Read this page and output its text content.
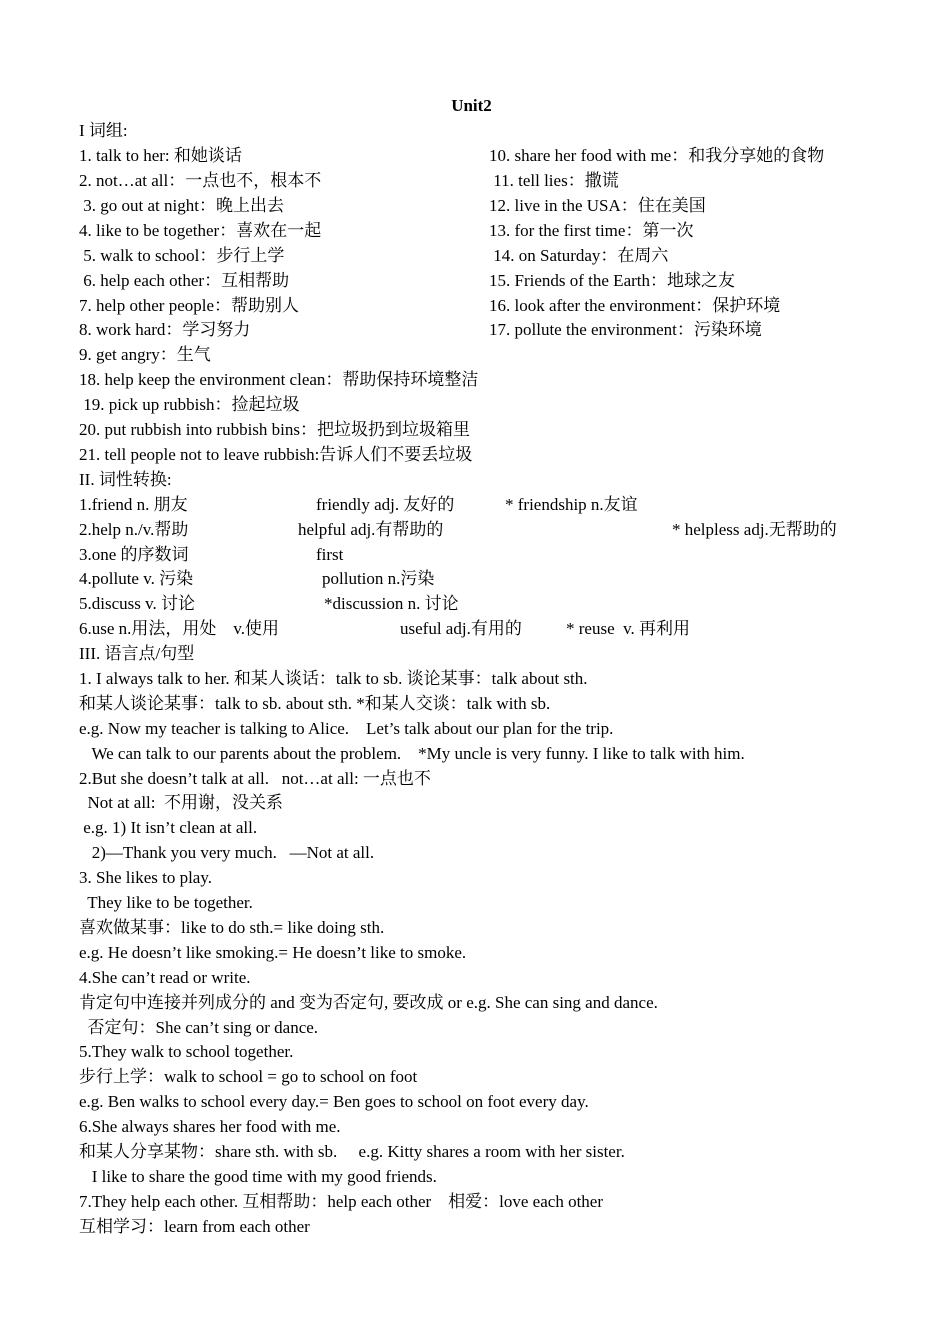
Unit2
I 词组:
1. talk to her: 和她谈话
2. not…at all：一点也不，根本不
3. go out at night：晚上出去
4. like to be together：喜欢在一起
5. walk to school：步行上学
6. help each other：互相帮助
7. help other people：帮助别人
8. work hard：学习努力
9. get angry：生气
10. share her food with me：和我分享她的食物
11. tell lies：撒谎
12. live in the USA：住在美国
13. for the first time：第一次
14. on Saturday：在周六
15. Friends of the Earth：地球之友
16. look after the environment：保护环境
17. pollute the environment：污染环境
18. help keep the environment clean：帮助保持环境整洁
19. pick up rubbish：捡起垃圾
20. put rubbish into rubbish bins：把垃圾扔到垃圾箱里
21. tell people not to leave rubbish:告诉人们不要丢垃圾
II. 词性转换:
1.friend n. 朋友	friendly adj. 友好的	* friendship n.友谊
2.help n./v.帮助	helpful adj.有帮助的	* helpless adj.无帮助的
3.one 的序数词	first
4.pollute v. 污染	pollution n.污染
5.discuss v. 讨论	*discussion n. 讨论
6.use n.用法，用处    v.使用	useful adj.有用的	* reuse  v. 再利用
III. 语言点/句型
1. I always talk to her. 和某人谈话：talk to sb. 谈论某事：talk about sth.
和某人谈论某事：talk to sb. about sth. *和某人交谈：talk with sb.
e.g. Now my teacher is talking to Alice.    Let’s talk about our plan for the trip.
We can talk to our parents about the problem.    *My uncle is very funny. I like to talk with him.
2.But she doesn’t talk at all.   not…at all: 一点也不
Not at all:  不用谢，没关系
e.g. 1) It isn’t clean at all.
2)—Thank you very much.   —Not at all.
3. She likes to play.
They like to be together.
喜欢做某事：like to do sth.= like doing sth.
e.g. He doesn’t like smoking.= He doesn’t like to smoke.
4.She can’t read or write.
肯定句中连接并列成分的 and 变为否定句, 要改成 or e.g. She can sing and dance.
否定句：She can’t sing or dance.
5.They walk to school together.
步行上学：walk to school = go to school on foot
e.g. Ben walks to school every day.= Ben goes to school on foot every day.
6.She always shares her food with me.
和某人分享某物：share sth. with sb.     e.g. Kitty shares a room with her sister.
I like to share the good time with my good friends.
7.They help each other. 互相帮助：help each other    相爱：love each other
互相学习：learn from each other
